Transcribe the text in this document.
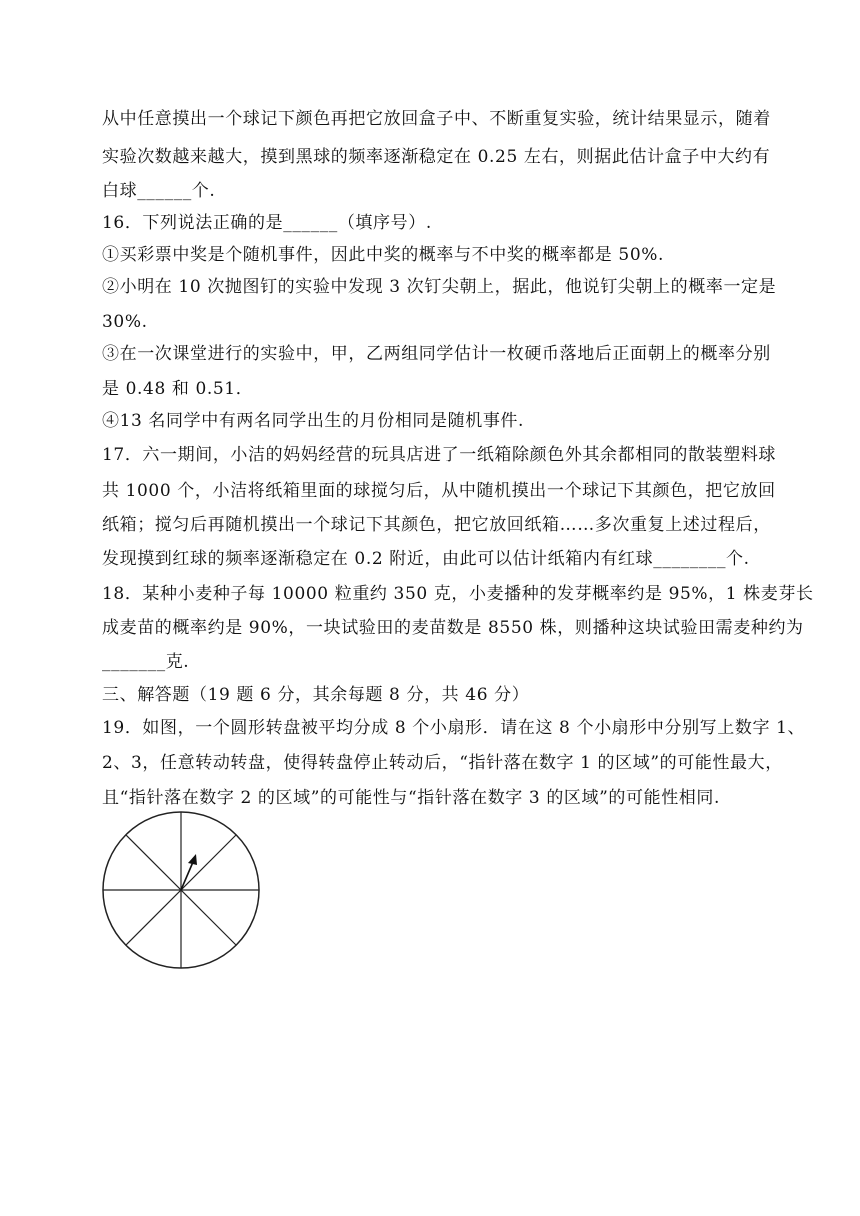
从中任意摸出一个球记下颜色再把它放回盒子中、不断重复实验，统计结果显示，随着
实验次数越来越大，摸到黑球的频率逐渐稳定在 0.25 左右，则据此估计盒子中大约有
白球______个.
16．下列说法正确的是______（填序号）.
①买彩票中奖是个随机事件，因此中奖的概率与不中奖的概率都是 50%.
②小明在 10 次抛图钉的实验中发现 3 次钉尖朝上，据此，他说钉尖朝上的概率一定是
30%.
③在一次课堂进行的实验中，甲，乙两组同学估计一枚硬币落地后正面朝上的概率分别
是 0.48 和 0.51．
④13 名同学中有两名同学出生的月份相同是随机事件.
17．六一期间，小洁的妈妈经营的玩具店进了一纸箱除颜色外其余都相同的散装塑料球
共 1000 个，小洁将纸箱里面的球搅匀后，从中随机摸出一个球记下其颜色，把它放回
纸箱；搅匀后再随机摸出一个球记下其颜色，把它放回纸箱……多次重复上述过程后，
发现摸到红球的频率逐渐稳定在 0.2 附近，由此可以估计纸箱内有红球________个.
18．某种小麦种子每 10000 粒重约 350 克，小麦播种的发芽概率约是 95%，1 株麦芽长
成麦苗的概率约是 90%，一块试验田的麦苗数是 8550 株，则播种这块试验田需麦种约为
_______克.
三、解答题（19 题 6 分，其余每题 8 分，共 46 分）
19．如图，一个圆形转盘被平均分成 8 个小扇形．请在这 8 个小扇形中分别写上数字 1、
2、3，任意转动转盘，使得转盘停止转动后，“指针落在数字 1 的区域”的可能性最大，
且“指针落在数字 2 的区域”的可能性与“指针落在数字 3 的区域”的可能性相同.
